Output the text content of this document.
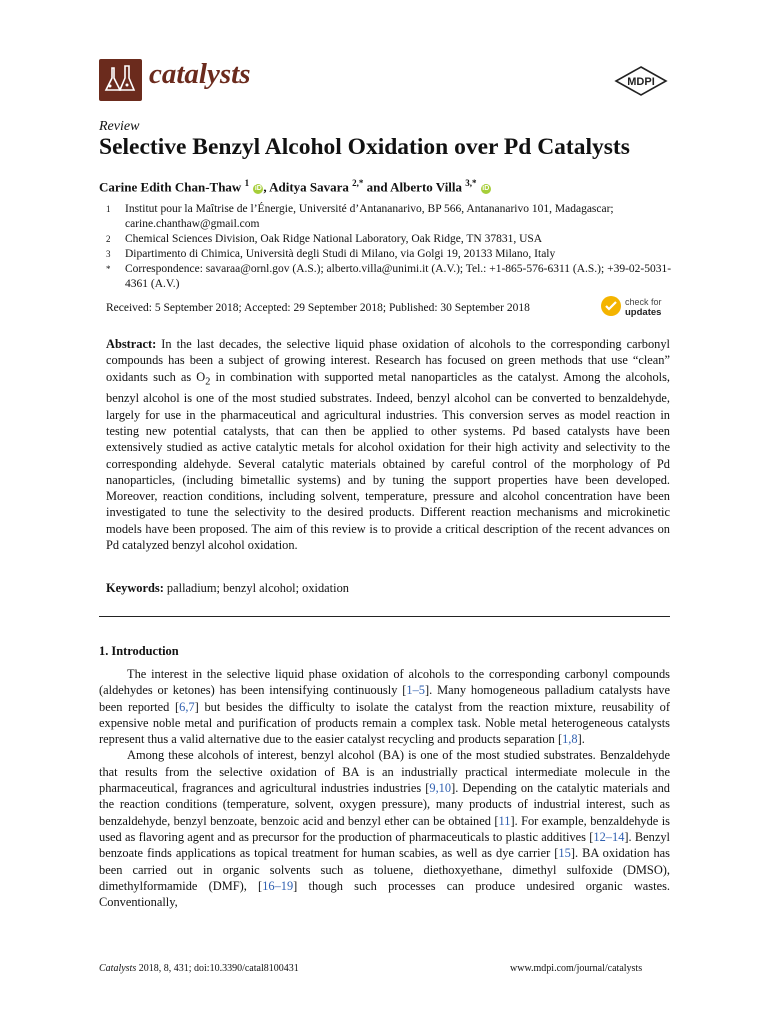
catalysts	MDPI
Review
Selective Benzyl Alcohol Oxidation over Pd Catalysts
Carine Edith Chan-Thaw $^1$ iD , Aditya Savara $^{2,*}$ and Alberto Villa $^{3,*}$ iD
1	Institut pour la Maîtrise de l’Énergie, Université d’Antananarivo, BP 566, Antananarivo 101, Madagascar; carine.chanthaw@gmail.com
2	Chemical Sciences Division, Oak Ridge National Laboratory, Oak Ridge, TN 37831, USA
3	Dipartimento di Chimica, Università degli Studi di Milano, via Golgi 19, 20133 Milano, Italy
*	Correspondence: savaraa@ornl.gov (A.S.); alberto.villa@unimi.it (A.V.); Tel.: +1-865-576-6311 (A.S.); +39-02-5031-4361 (A.V.)
Received: 5 September 2018; Accepted: 29 September 2018; Published: 30 September 2018	check for
updates
Abstract: In the last decades, the selective liquid phase oxidation of alcohols to the corresponding carbonyl compounds has been a subject of growing interest. Research has focused on green methods that use “clean” oxidants such as $O_2$ in combination with supported metal nanoparticles as the catalyst. Among the alcohols, benzyl alcohol is one of the most studied substrates. Indeed, benzyl alcohol can be converted to benzaldehyde, largely for use in the pharmaceutical and agricultural industries. This conversion serves as model reaction in testing new potential catalysts, that can then be applied to other systems. Pd based catalysts have been extensively studied as active catalytic metals for alcohol oxidation for their high activity and selectivity to the corresponding aldehyde. Several catalytic materials obtained by careful control of the morphology of Pd nanoparticles, (including bimetallic systems) and by tuning the support properties have been developed. Moreover, reaction conditions, including solvent, temperature, pressure and alcohol concentration have been investigated to tune the selectivity to the desired products. Different reaction mechanisms and microkinetic models have been proposed. The aim of this review is to provide a critical description of the recent advances on Pd catalyzed benzyl alcohol oxidation.
Keywords: palladium; benzyl alcohol; oxidation
1. Introduction

The interest in the selective liquid phase oxidation of alcohols to the corresponding carbonyl compounds (aldehydes or ketones) has been intensifying continuously [1–5]. Many homogeneous palladium catalysts have been reported [6,7] but besides the difficulty to isolate the catalyst from the reaction mixture, reusability of expensive noble metal and purification of products remain a complex task. Noble metal heterogeneous catalysts represent thus a valid alternative due to the easier catalyst recycling and products separation [1,8].

Among these alcohols of interest, benzyl alcohol (BA) is one of the most studied substrates. Benzaldehyde that results from the selective oxidation of BA is an industrially practical intermediate molecule in the pharmaceutical, fragrances and agricultural industries industries [9,10]. Depending on the catalytic materials and the reaction conditions (temperature, solvent, oxygen pressure), many products of industrial interest, such as benzaldehyde, benzyl benzoate, benzoic acid and benzyl ether can be obtained [11]. For example, benzaldehyde is used as flavoring agent and as precursor for the production of pharmaceuticals to plastic additives [12–14]. Benzyl benzoate finds applications as topical treatment for human scabies, as well as dye carrier [15]. BA oxidation has been carried out in organic solvents such as toluene, diethoxyethane, dimethyl sulfoxide (DMSO), dimethylformamide (DMF), [16–19] though such processes can produce undesired organic wastes. Conventionally,

Catalysts 2018, 8, 431; doi:10.3390/catal8100431	www.mdpi.com/journal/catalysts
